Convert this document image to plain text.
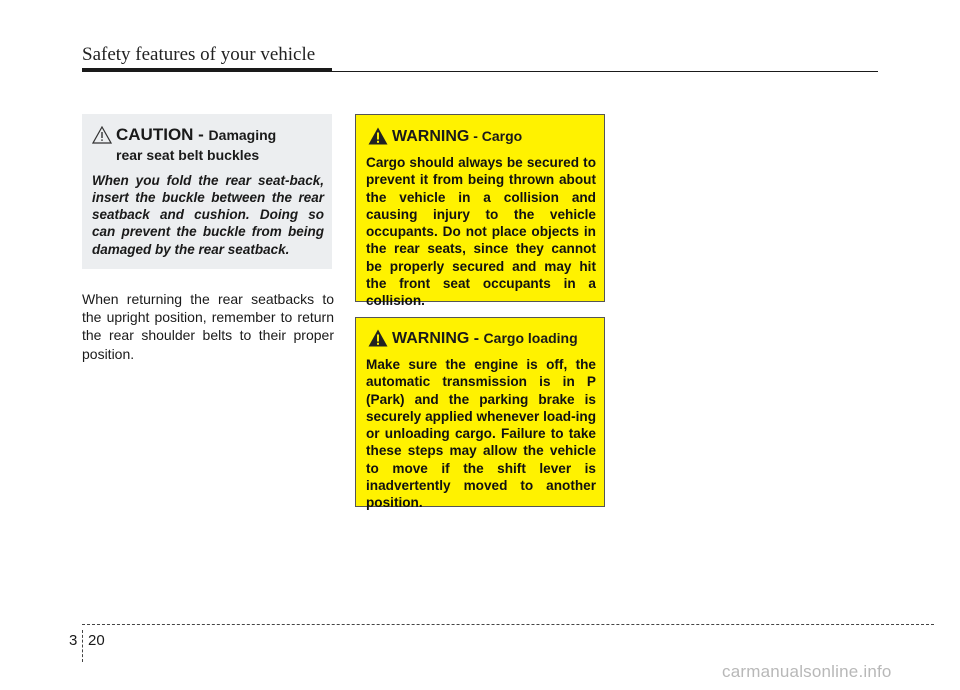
Safety features of your vehicle
CAUTION - Damaging
rear seat belt buckles
When you fold the rear seat-back, insert the buckle between the rear seatback and cushion. Doing so can prevent the buckle from being damaged by the rear seatback.
When returning the rear seatbacks to the upright position, remember to return the rear shoulder belts to their proper position.
WARNING - Cargo
Cargo should always be secured to prevent it from being thrown about the vehicle in a collision and causing injury to the vehicle occupants. Do not place objects in the rear seats, since they cannot be properly secured and may hit the front seat occupants in a collision.
WARNING - Cargo loading
Make sure the engine is off, the automatic transmission is in P (Park) and the parking brake is securely applied whenever load-ing or unloading cargo. Failure to take these steps may allow the vehicle to move if the shift lever is inadvertently moved to another position.
3 20
carmanualsonline.info
